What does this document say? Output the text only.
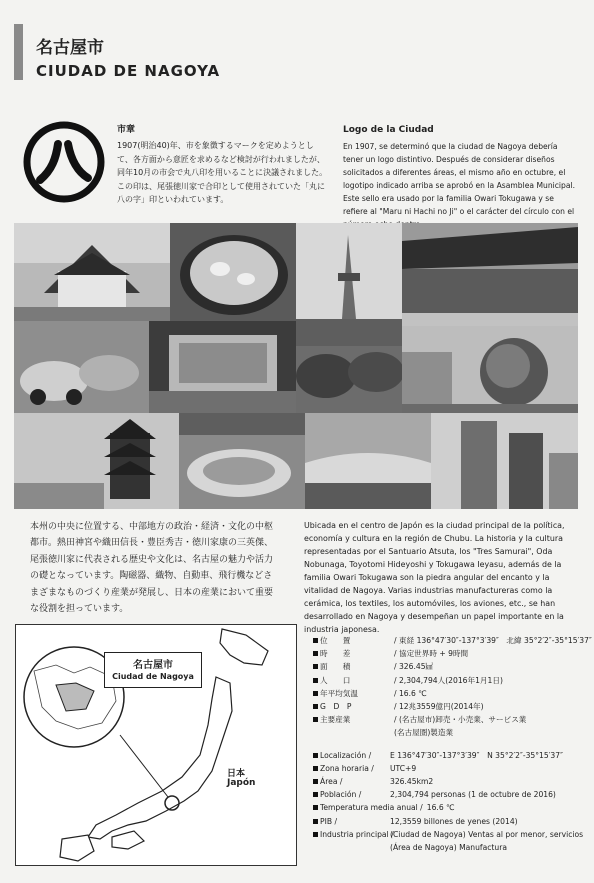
名古屋市
CIUDAD DE NAGOYA
市章
1907(明治40)年、市を象徴するマークを定めようとして、各方面から意匠を求めるなど検討が行われましたが、同年10月の市会で丸八印を用いることに決議されました。この印は、尾張徳川家で合印として使用されていた「丸に八の字」印といわれています。
Logo de la Ciudad
En 1907, se determinó que la ciudad de Nagoya debería tener un logo distintivo. Después de considerar diseños solicitados a diferentes áreas, el mismo año en octubre, el logotipo indicado arriba se aprobó en la Asamblea Municipal. Este sello era usado por la familia Owari Tokugawa y se refiere al "Maru ni Hachi no Ji" o el carácter del círculo con el
本州の中央に位置する、中部地方の政治・経済・文化の中枢都市。熱田神宮や織田信長・豊臣秀吉・徳川家康の三英傑、尾張徳川家に代表される歴史や文化は、名古屋の魅力や活力の礎となっています。陶磁器、織物、自動車、飛行機などさまざまなものづくり産業が発展し、日本の産業において重要な役割を担っています。
Ubicada en el centro de Japón es la ciudad principal de la política, economía y cultura en la región de Chubu. La historia y la cultura representadas por el Santuario Atsuta, los "Tres Samurai", Oda Nobunaga, Toyotomi Hideyoshi y Tokugawa Ieyasu, además de la familia Owari Tokugawa son la piedra angular del encanto y la vitalidad de Nagoya. Varias industrias manufactureras como la cerámica, los textiles, los automóviles, los aviones, etc., se han desarrollado en Nagoya y desempeñan un papel importante en la industria japonesa.
名古屋市
Ciudad de Nagoya
日本
Japón
位　　置	/ 東経 136°47′30″-137°3′39″　北緯 35°2′2″-35°15′37″
時　　差	/ 協定世界時 + 9時間
面　　積	/ 326.45㎢
人　　口	/ 2,304,794人(2016年1月1日)
年平均気温	/ 16.6 ℃
G　D　P	/ 12兆3559億円(2014年)
主要産業	/ (名古屋市)卸売・小売業、サービス業
(名古屋圏)製造業
Localización /	E 136°47′30″-137°3′39″　N 35°2′2″-35°15′37″
Zona horaria /	UTC+9
Área /	326.45km2
Población /	2,304,794 personas (1 de octubre de 2016)
Temperatura media anual / 16.6 ℃
PIB /	12,3559 billones de yenes (2014)
Industria principal /
(Ciudad de Nagoya) Ventas al por menor, servicios
(Área de Nagoya) Manufactura
